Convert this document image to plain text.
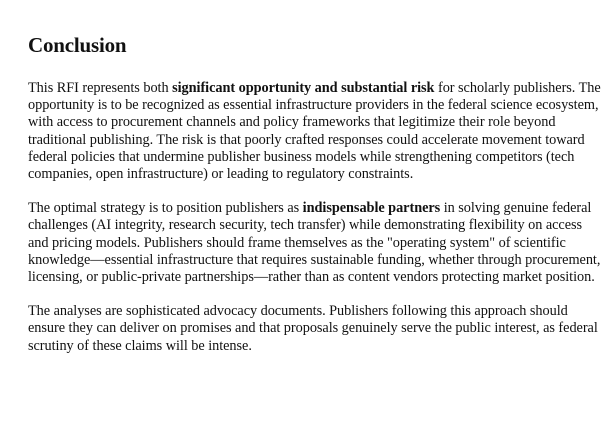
Conclusion

This RFI represents both significant opportunity and substantial risk for scholarly publishers. The opportunity is to be recognized as essential infrastructure providers in the federal science ecosystem, with access to procurement channels and policy frameworks that legitimize their role beyond traditional publishing. The risk is that poorly crafted responses could accelerate movement toward federal policies that undermine publisher business models while strengthening competitors (tech companies, open infrastructure) or leading to regulatory constraints.

The optimal strategy is to position publishers as indispensable partners in solving genuine federal challenges (AI integrity, research security, tech transfer) while demonstrating flexibility on access and pricing models. Publishers should frame themselves as the "operating system" of scientific knowledge—essential infrastructure that requires sustainable funding, whether through procurement, licensing, or public-private partnerships—rather than as content vendors protecting market position.

The analyses are sophisticated advocacy documents. Publishers following this approach should ensure they can deliver on promises and that proposals genuinely serve the public interest, as federal scrutiny of these claims will be intense.
